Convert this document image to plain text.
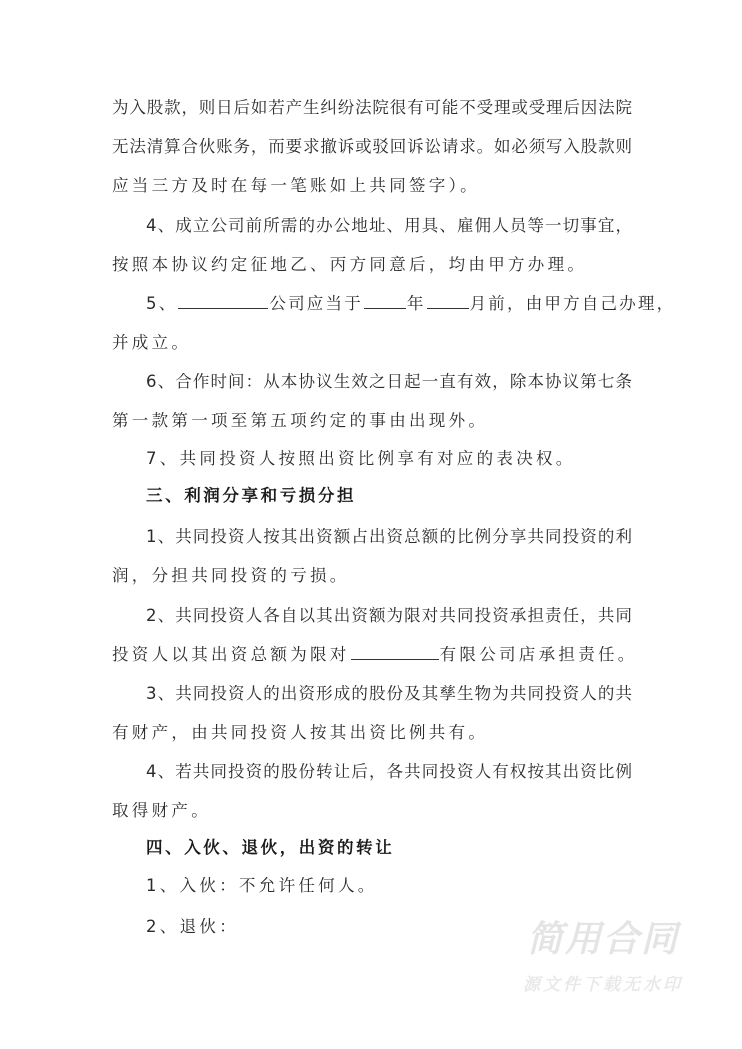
为入股款，则日后如若产生纠纷法院很有可能不受理或受理后因法院
无法清算合伙账务，而要求撤诉或驳回诉讼请求。如必须写入股款则
应当三方及时在每一笔账如上共同签字）。
4、成立公司前所需的办公地址、用具、雇佣人员等一切事宜，
按照本协议约定征地乙、丙方同意后，均由甲方办理。
5、	公司应当于	年	月前，由甲方自己办理，
并成立。
6、合作时间：从本协议生效之日起一直有效，除本协议第七条
第一款第一项至第五项约定的事由出现外。
7、共同投资人按照出资比例享有对应的表决权。
三、利润分享和亏损分担
1、共同投资人按其出资额占出资总额的比例分享共同投资的利
润，分担共同投资的亏损。
2、共同投资人各自以其出资额为限对共同投资承担责任，共同
投资人以其出资总额为限对	有限公司店承担责任。
3、共同投资人的出资形成的股份及其孳生物为共同投资人的共
有财产，由共同投资人按其出资比例共有。
4、若共同投资的股份转让后，各共同投资人有权按其出资比例
取得财产。
四、入伙、退伙，出资的转让
1、入伙：不允许任何人。
2、退伙：	简用合同
源文件下载无水印
